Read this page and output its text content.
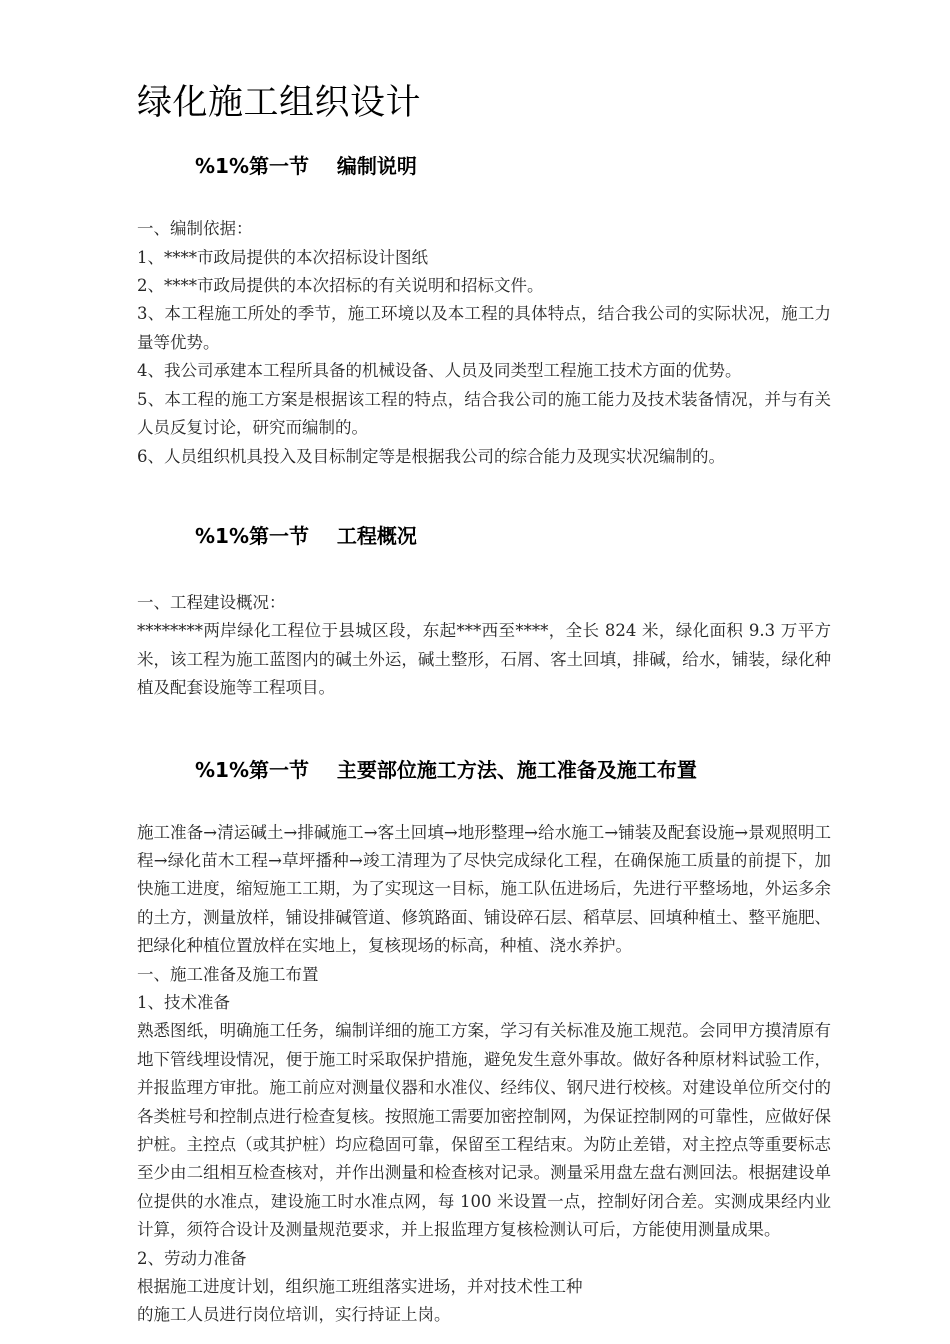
绿化施工组织设计
%1%第一节    编制说明

一、编制依据：

1、****市政局提供的本次招标设计图纸

2、****市政局提供的本次招标的有关说明和招标文件。

3、本工程施工所处的季节，施工环境以及本工程的具体特点，结合我公司的实际状况，施工力量等优势。

4、我公司承建本工程所具备的机械设备、人员及同类型工程施工技术方面的优势。

5、本工程的施工方案是根据该工程的特点，结合我公司的施工能力及技术装备情况，并与有关人员反复讨论，研究而编制的。

6、人员组织机具投入及目标制定等是根据我公司的综合能力及现实状况编制的。

%1%第一节    工程概况

一、工程建设概况：

********两岸绿化工程位于县城区段，东起***西至****，全长 824 米，绿化面积 9.3 万平方米，该工程为施工蓝图内的碱土外运，碱土整形，石屑、客土回填，排碱，给水，铺装，绿化种植及配套设施等工程项目。

%1%第一节    主要部位施工方法、施工准备及施工布置

施工准备→清运碱土→排碱施工→客土回填→地形整理→给水施工→铺装及配套设施→景观照明工程→绿化苗木工程→草坪播种→竣工清理为了尽快完成绿化工程，在确保施工质量的前提下，加快施工进度，缩短施工工期，为了实现这一目标，施工队伍进场后，先进行平整场地，外运多余的土方，测量放样，铺设排碱管道、修筑路面、铺设碎石层、稻草层、回填种植土、整平施肥、把绿化种植位置放样在实地上，复核现场的标高，种植、浇水养护。

一、施工准备及施工布置

1、技术准备

熟悉图纸，明确施工任务，编制详细的施工方案，学习有关标准及施工规范。会同甲方摸清原有地下管线埋设情况，便于施工时采取保护措施，避免发生意外事故。做好各种原材料试验工作，并报监理方审批。施工前应对测量仪器和水准仪、经纬仪、钢尺进行校核。对建设单位所交付的各类桩号和控制点进行检查复核。按照施工需要加密控制网，为保证控制网的可靠性，应做好保护桩。主控点（或其护桩）均应稳固可靠，保留至工程结束。为防止差错，对主控点等重要标志至少由二组相互检查核对，并作出测量和检查核对记录。测量采用盘左盘右测回法。根据建设单位提供的水准点，建设施工时水准点网，每 100 米设置一点，控制好闭合差。实测成果经内业计算，须符合设计及测量规范要求，并上报监理方复核检测认可后，方能使用测量成果。

2、劳动力准备

根据施工进度计划，组织施工班组落实进场，并对技术性工种

的施工人员进行岗位培训，实行持证上岗。
